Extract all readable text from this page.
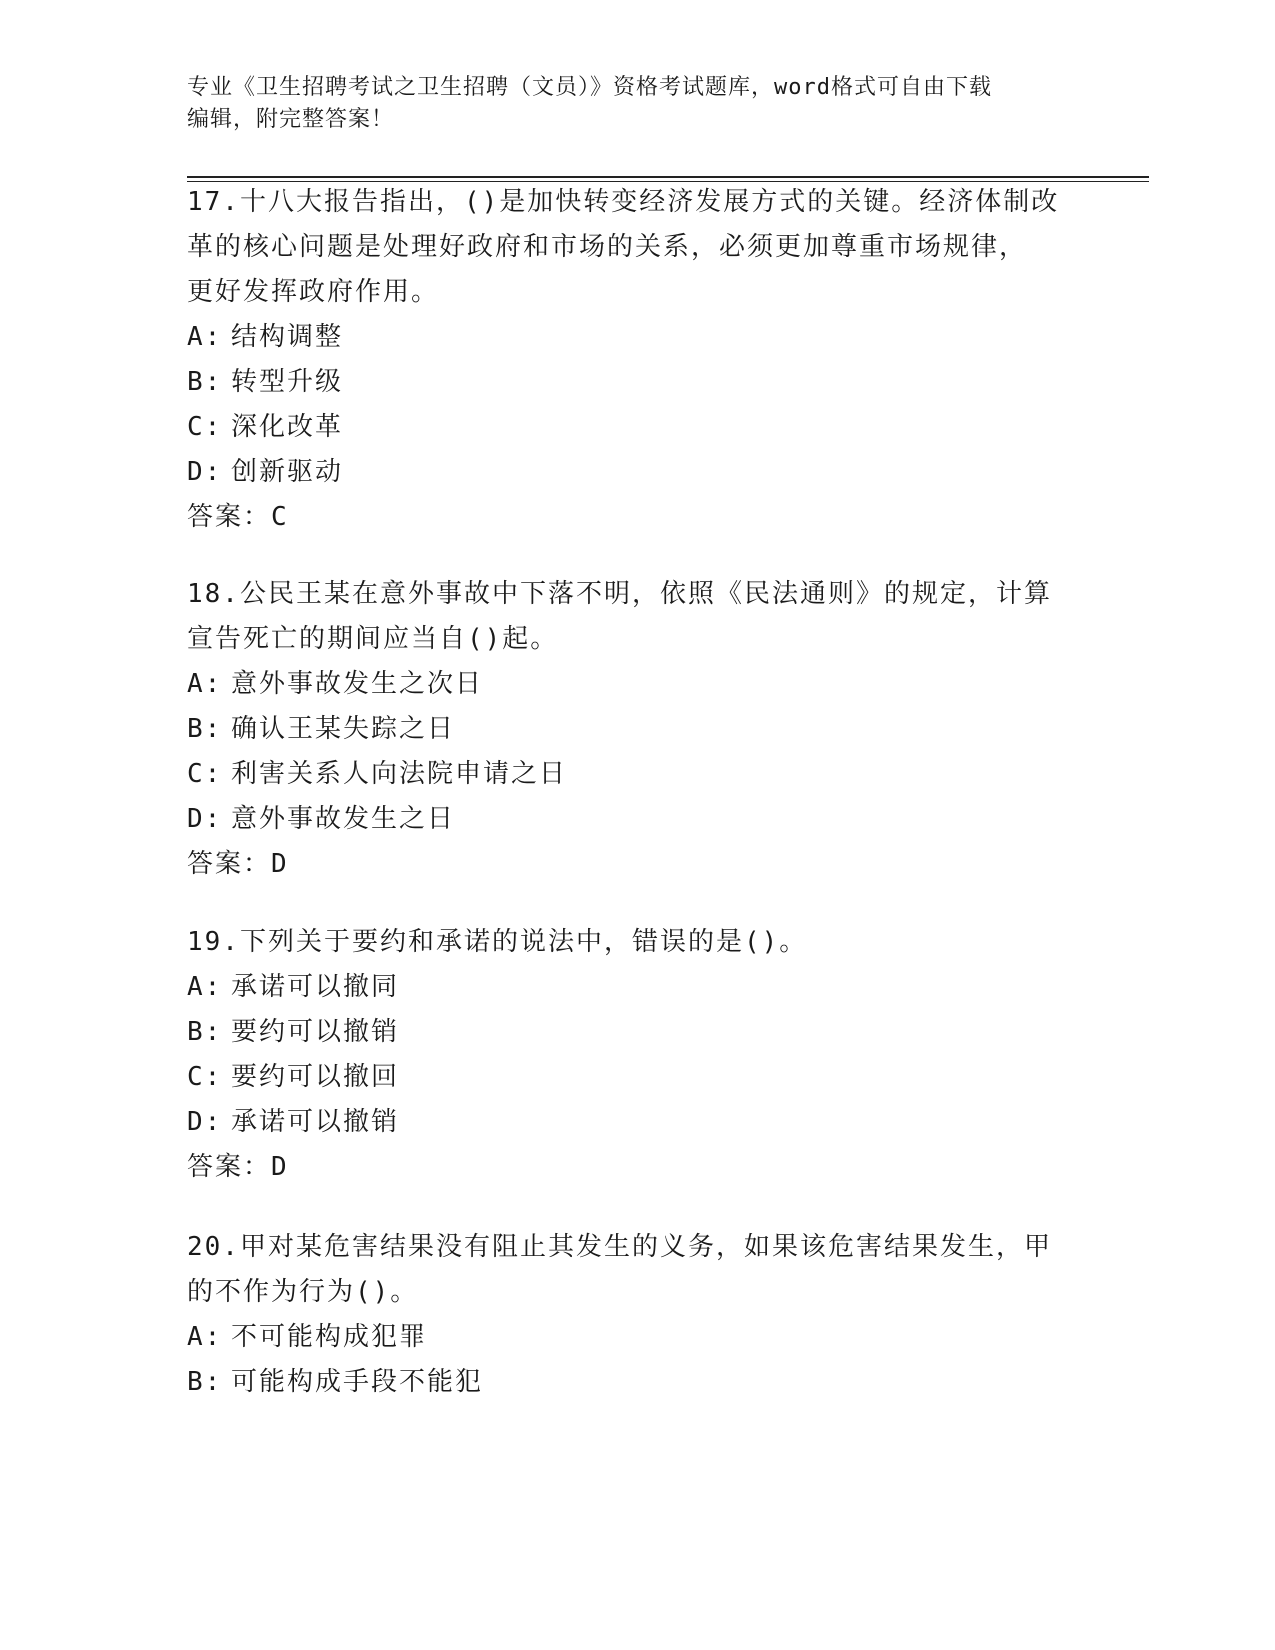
专业《卫生招聘考试之卫生招聘（文员）》资格考试题库，word格式可自由下载
编辑，附完整答案！
17.十八大报告指出，()是加快转变经济发展方式的关键。经济体制改
革的核心问题是处理好政府和市场的关系，必须更加尊重市场规律，
更好发挥政府作用。
A: 结构调整
B: 转型升级
C: 深化改革
D: 创新驱动
答案：C
18.公民王某在意外事故中下落不明，依照《民法通则》的规定，计算
宣告死亡的期间应当自()起。
A: 意外事故发生之次日
B: 确认王某失踪之日
C: 利害关系人向法院申请之日
D: 意外事故发生之日
答案：D
19.下列关于要约和承诺的说法中，错误的是()。
A: 承诺可以撤同
B: 要约可以撤销
C: 要约可以撤回
D: 承诺可以撤销
答案：D
20.甲对某危害结果没有阻止其发生的义务，如果该危害结果发生，甲
的不作为行为()。
A: 不可能构成犯罪
B: 可能构成手段不能犯
